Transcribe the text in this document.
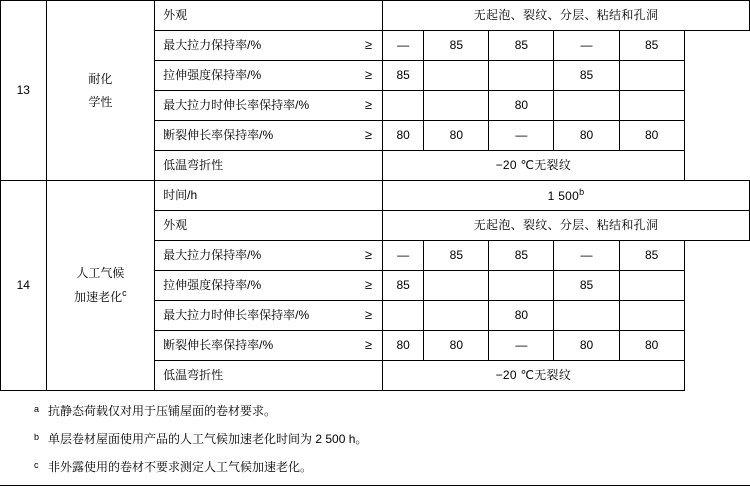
13	耐化
学性	外观	无起泡、裂纹、分层、粘结和孔洞				

		最大拉力保持率/% ≥	—	85	85	—	85

		拉伸强度保持率/% ≥	85			85	

		最大拉力时伸长率保持率/% ≥			80		

		断裂伸长率保持率/% ≥	80	80	—	80	80

		低温弯折性	−20 ℃无裂纹				
14	人工气候
加速老化$^c$	时间/h	1 500$^b$

		外观	无起泡、裂纹、分层、粘结和孔洞				

		最大拉力保持率/% ≥	—	85	85	—	85

		拉伸强度保持率/% ≥	85			85	

		最大拉力时伸长率保持率/% ≥			80		

		断裂伸长率保持率/% ≥	80	80	—	80	80

		低温弯折性	−20 ℃无裂纹				
a 抗静态荷载仅对用于压铺屋面的卷材要求。
b 单层卷材屋面使用产品的人工气候加速老化时间为 2 500 h。
c 非外露使用的卷材不要求测定人工气候加速老化。
